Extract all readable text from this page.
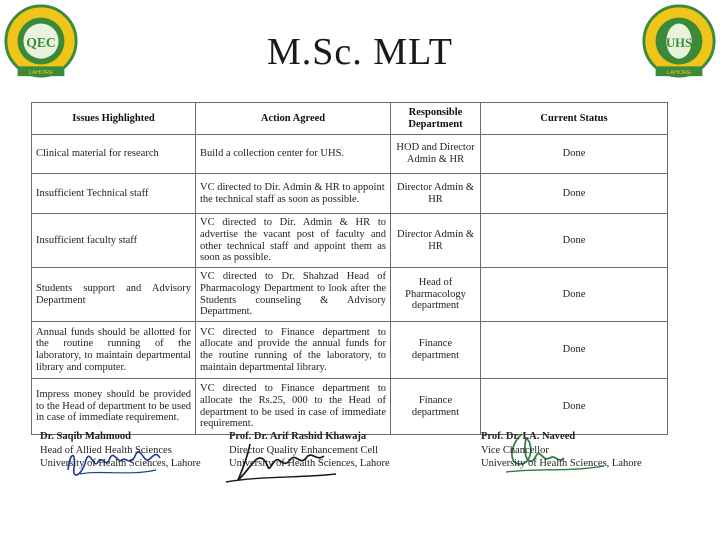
QEC
LAHORE
UHS
LAHORE
M.Sc. MLT
Issues Highlighted	Action Agreed	Responsible Department	Current Status
Clinical material for research	Build a collection center for UHS.	HOD and Director Admin & HR	Done
Insufficient Technical staff	VC directed to Dir. Admin & HR to appoint the technical staff as soon as possible.	Director Admin & HR	Done
Insufficient faculty staff	VC directed to Dir. Admin & HR to advertise the vacant post of faculty and other technical staff and appoint them as soon as possible.	Director Admin & HR	Done
Students support and Advisory Department	VC directed to Dr. Shahzad Head of Pharmacology Department to look after the Students counseling & Advisory Department.	Head of Pharmacology department	Done
Annual funds should be allotted for the routine running of the laboratory, to maintain departmental library and computer.	VC directed to Finance department to allocate and provide the annual funds for the routine running of the laboratory, to maintain departmental library.	Finance department	Done
Impress money should be provided to the Head of department to be used in case of immediate requirement.	VC directed to Finance department to allocate the Rs.25, 000 to the Head of department to be used in case of immediate requirement.	Finance department	Done
Dr. Saqib Mahmood
Head of Allied Health Sciences
University of Health Sciences, Lahore
Prof. Dr. Arif Rashid Khawaja
Director Quality Enhancement Cell
University of Health Sciences, Lahore
Prof. Dr. I.A. Naveed
Vice Chancellor
University of Health Sciences, Lahore
